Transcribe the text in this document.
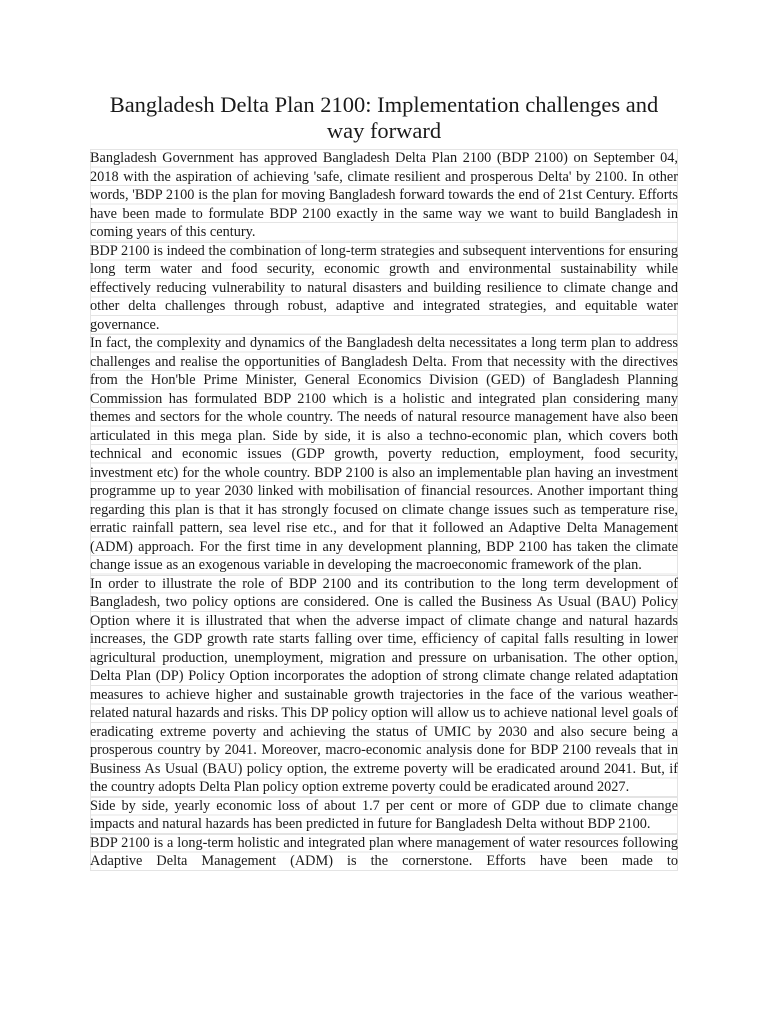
Bangladesh Delta Plan 2100: Implementation challenges and way forward

Bangladesh Government has approved Bangladesh Delta Plan 2100 (BDP 2100) on September 04, 2018 with the aspiration of achieving 'safe, climate resilient and prosperous Delta' by 2100. In other words, 'BDP 2100 is the plan for moving Bangladesh forward towards the end of 21st Century. Efforts have been made to formulate BDP 2100 exactly in the same way we want to build Bangladesh in coming years of this century.

BDP 2100 is indeed the combination of long-term strategies and subsequent interventions for ensuring long term water and food security, economic growth and environmental sustainability while effectively reducing vulnerability to natural disasters and building resilience to climate change and other delta challenges through robust, adaptive and integrated strategies, and equitable water governance.

In fact, the complexity and dynamics of the Bangladesh delta necessitates a long term plan to address challenges and realise the opportunities of Bangladesh Delta. From that necessity with the directives from the Hon'ble Prime Minister, General Economics Division (GED) of Bangladesh Planning Commission has formulated BDP 2100 which is a holistic and integrated plan considering many themes and sectors for the whole country. The needs of natural resource management have also been articulated in this mega plan. Side by side, it is also a techno-economic plan, which covers both technical and economic issues (GDP growth, poverty reduction, employment, food security, investment etc) for the whole country. BDP 2100 is also an implementable plan having an investment programme up to year 2030 linked with mobilisation of financial resources. Another important thing regarding this plan is that it has strongly focused on climate change issues such as temperature rise, erratic rainfall pattern, sea level rise etc., and for that it followed an Adaptive Delta Management (ADM) approach. For the first time in any development planning, BDP 2100 has taken the climate change issue as an exogenous variable in developing the macroeconomic framework of the plan.

In order to illustrate the role of BDP 2100 and its contribution to the long term development of Bangladesh, two policy options are considered. One is called the Business As Usual (BAU) Policy Option where it is illustrated that when the adverse impact of climate change and natural hazards increases, the GDP growth rate starts falling over time, efficiency of capital falls resulting in lower agricultural production, unemployment, migration and pressure on urbanisation. The other option, Delta Plan (DP) Policy Option incorporates the adoption of strong climate change related adaptation measures to achieve higher and sustainable growth trajectories in the face of the various weather-related natural hazards and risks. This DP policy option will allow us to achieve national level goals of eradicating extreme poverty and achieving the status of UMIC by 2030 and also secure being a prosperous country by 2041. Moreover, macro-economic analysis done for BDP 2100 reveals that in Business As Usual (BAU) policy option, the extreme poverty will be eradicated around 2041. But, if the country adopts Delta Plan policy option extreme poverty could be eradicated around 2027.

Side by side, yearly economic loss of about 1.7 per cent or more of GDP due to climate change impacts and natural hazards has been predicted in future for Bangladesh Delta without BDP 2100.

BDP 2100 is a long-term holistic and integrated plan where management of water resources following Adaptive Delta Management (ADM) is the cornerstone. Efforts have been made to
